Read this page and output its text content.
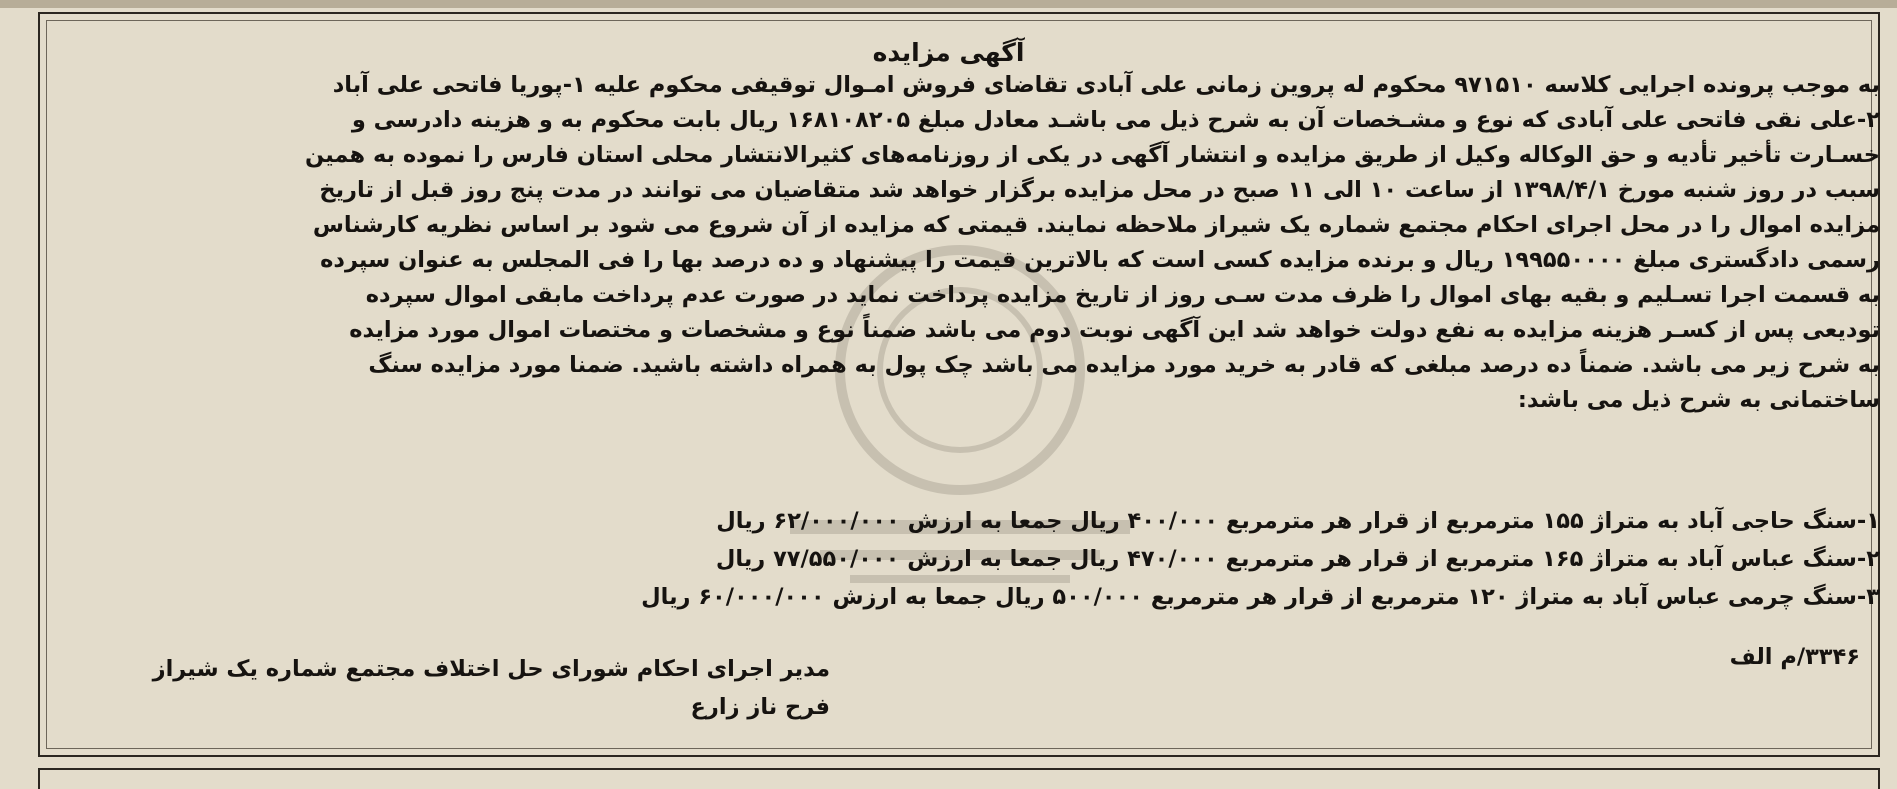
آگهی مزایده
به موجب پرونده اجرایی کلاسه ۹۷۱۵۱۰ محکوم له پروین زمانی علی آبادی تقاضای فروش امـوال توقیفی محکوم علیه ۱-پوریا فاتحی علی آباد
۲-علی نقی فاتحی علی آبادی که نوع و مشـخصات آن به شرح ذیل می باشـد معادل مبلغ ۱۶۸۱۰۸۲۰۵ ریال بابت محکوم به و هزینه دادرسی و
خسـارت تأخیر تأدیه و حق الوکاله وکیل از طریق مزایده و انتشار آگهی در یکی از روزنامه‌های کثیرالانتشار محلی استان فارس را نموده به همین
سبب در روز شنبه مورخ ۱۳۹۸/۴/۱ از ساعت ۱۰ الی ۱۱ صبح در محل مزایده برگزار خواهد شد متقاضیان می توانند در مدت پنج روز قبل از تاریخ
مزایده اموال را در محل اجرای احکام مجتمع شماره یک شیراز ملاحظه نمایند. قیمتی که مزایده از آن شروع می شود بر اساس نظریه کارشناس
رسمی دادگستری مبلغ ۱۹۹۵۵۰۰۰۰ ریال و برنده مزایده کسی است که بالاترین قیمت را پیشنهاد و ده درصد بها را فی المجلس به عنوان سپرده
به قسمت اجرا تسـلیم و بقیه بهای اموال را ظرف مدت سـی روز از تاریخ مزایده پرداخت نماید در صورت عدم پرداخت مابقی اموال سپرده
تودیعی پس از کسـر هزینه مزایده به نفع دولت خواهد شد این آگهی نوبت دوم می باشد ضمناً نوع و مشخصات و مختصات اموال مورد مزایده
به شرح زیر می باشد. ضمناً ده درصد مبلغی که قادر به خرید مورد مزایده می باشد چک پول به همراه داشته باشید. ضمنا مورد مزایده سنگ
ساختمانی به شرح ذیل می باشد:
۱-سنگ حاجی آباد به متراژ ۱۵۵ مترمربع از قرار هر مترمربع ۴۰۰/۰۰۰ ریال جمعا به ارزش ۶۲/۰۰۰/۰۰۰ ریال
۲-سنگ عباس آباد به متراژ ۱۶۵ مترمربع از قرار هر مترمربع ۴۷۰/۰۰۰ ریال جمعا به ارزش ۷۷/۵۵۰/۰۰۰ ریال
۳-سنگ چرمی عباس آباد به متراژ ۱۲۰ مترمربع از قرار هر مترمربع ۵۰۰/۰۰۰ ریال جمعا به ارزش ۶۰/۰۰۰/۰۰۰ ریال
۳۳۴۶/م الف
مدیر اجرای احکام شورای حل اختلاف مجتمع شماره یک شیراز
فرح ناز زارع
